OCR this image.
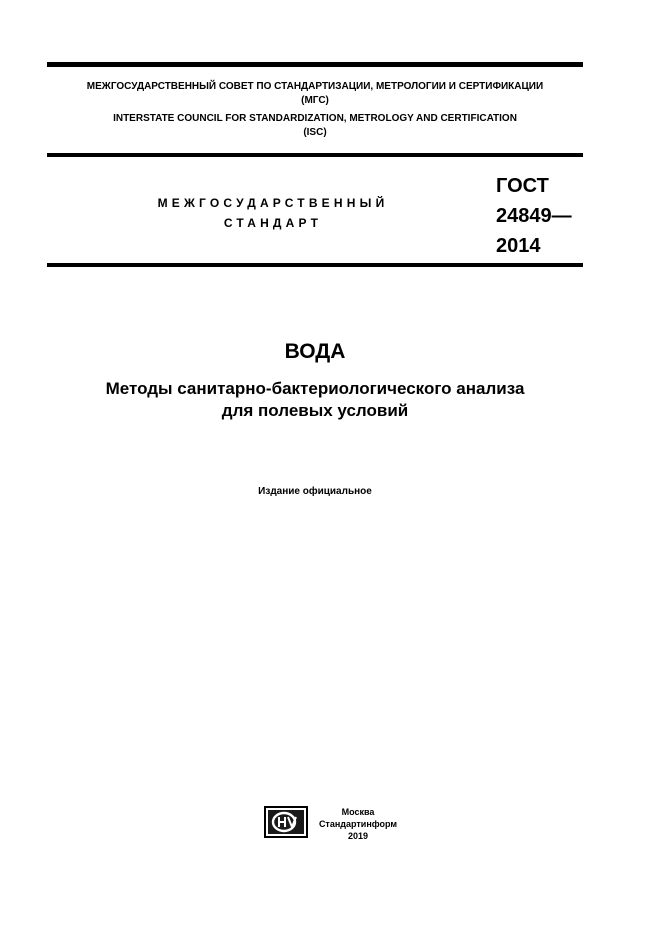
МЕЖГОСУДАРСТВЕННЫЙ СОВЕТ ПО СТАНДАРТИЗАЦИИ, МЕТРОЛОГИИ И СЕРТИФИКАЦИИ
(МГС)
INTERSTATE COUNCIL FOR STANDARDIZATION, METROLOGY AND CERTIFICATION
(ISC)
МЕЖГОСУДАРСТВЕННЫЙ
СТАНДАРТ
ГОСТ
24849—
2014
ВОДА
Методы санитарно-бактериологического анализа
для полевых условий
Издание официальное
Москва
Стандартинформ
2019
